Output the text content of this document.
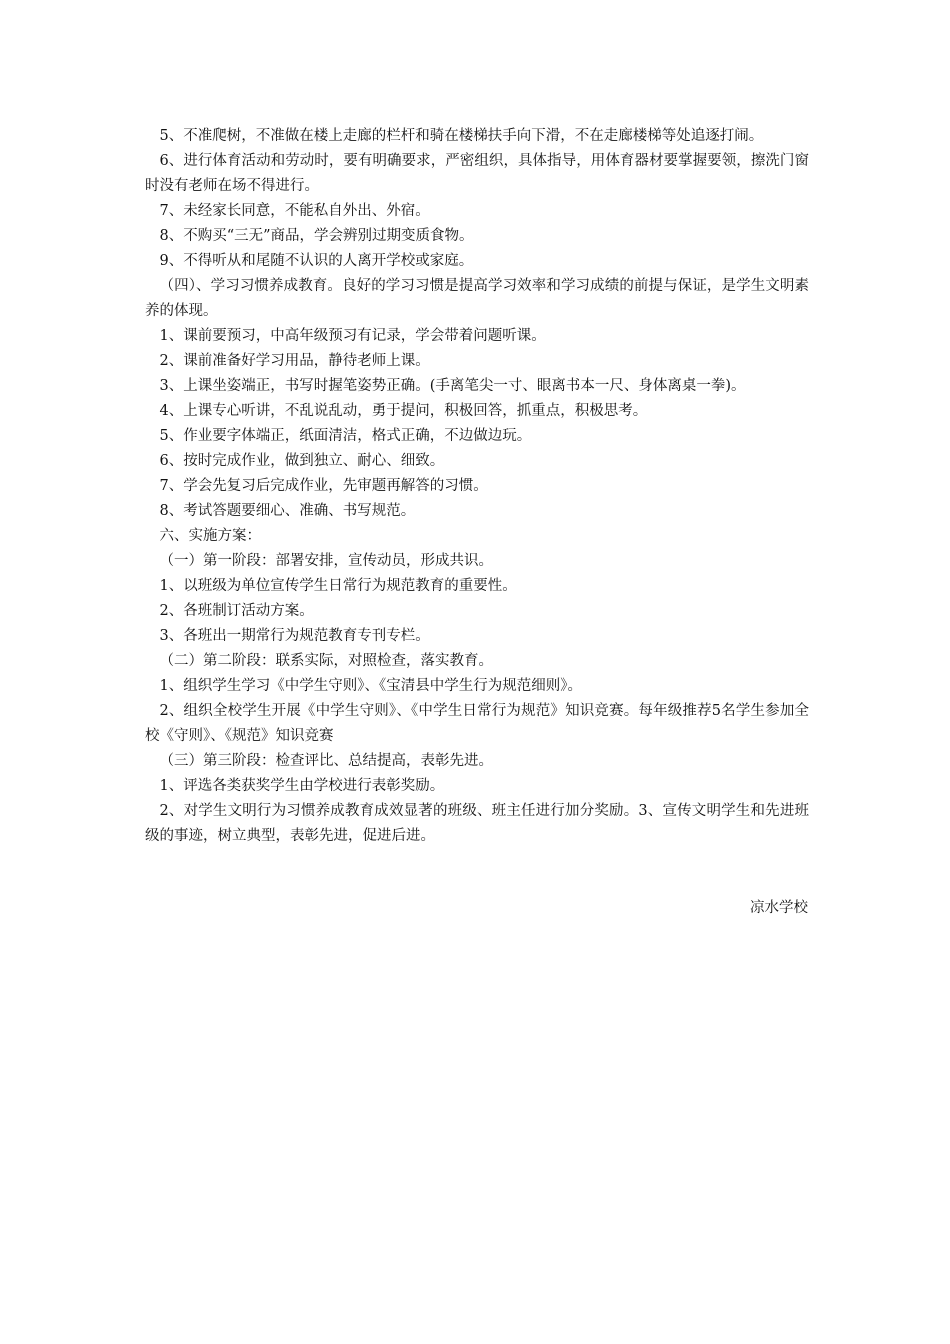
5、不准爬树，不准做在楼上走廊的栏杆和骑在楼梯扶手向下滑，不在走廊楼梯等处追逐打闹。

6、进行体育活动和劳动时，要有明确要求，严密组织，具体指导，用体育器材要掌握要领，擦洗门窗时没有老师在场不得进行。

7、未经家长同意，不能私自外出、外宿。

8、不购买“三无”商品，学会辨别过期变质食物。

9、不得听从和尾随不认识的人离开学校或家庭。

（四）、学习习惯养成教育。良好的学习习惯是提高学习效率和学习成绩的前提与保证，是学生文明素养的体现。

1、课前要预习，中高年级预习有记录，学会带着问题听课。

2、课前准备好学习用品，静待老师上课。

3、上课坐姿端正，书写时握笔姿势正确。(手离笔尖一寸、眼离书本一尺、身体离桌一拳)。

4、上课专心听讲，不乱说乱动，勇于提问，积极回答，抓重点，积极思考。

5、作业要字体端正，纸面清洁，格式正确，不边做边玩。

6、按时完成作业，做到独立、耐心、细致。

7、学会先复习后完成作业，先审题再解答的习惯。

8、考试答题要细心、准确、书写规范。

六、实施方案：

（一）第一阶段：部署安排，宣传动员，形成共识。

1、以班级为单位宣传学生日常行为规范教育的重要性。

2、各班制订活动方案。

3、各班出一期常行为规范教育专刊专栏。

（二）第二阶段：联系实际，对照检查，落实教育。

1、组织学生学习《中学生守则》、《宝清县中学生行为规范细则》。

2、组织全校学生开展《中学生守则》、《中学生日常行为规范》知识竞赛。每年级推荐5名学生参加全校《守则》、《规范》知识竞赛

（三）第三阶段：检查评比、总结提高，表彰先进。

1、评选各类获奖学生由学校进行表彰奖励。

2、对学生文明行为习惯养成教育成效显著的班级、班主任进行加分奖励。3、宣传文明学生和先进班级的事迹，树立典型，表彰先进，促进后进。

凉水学校
